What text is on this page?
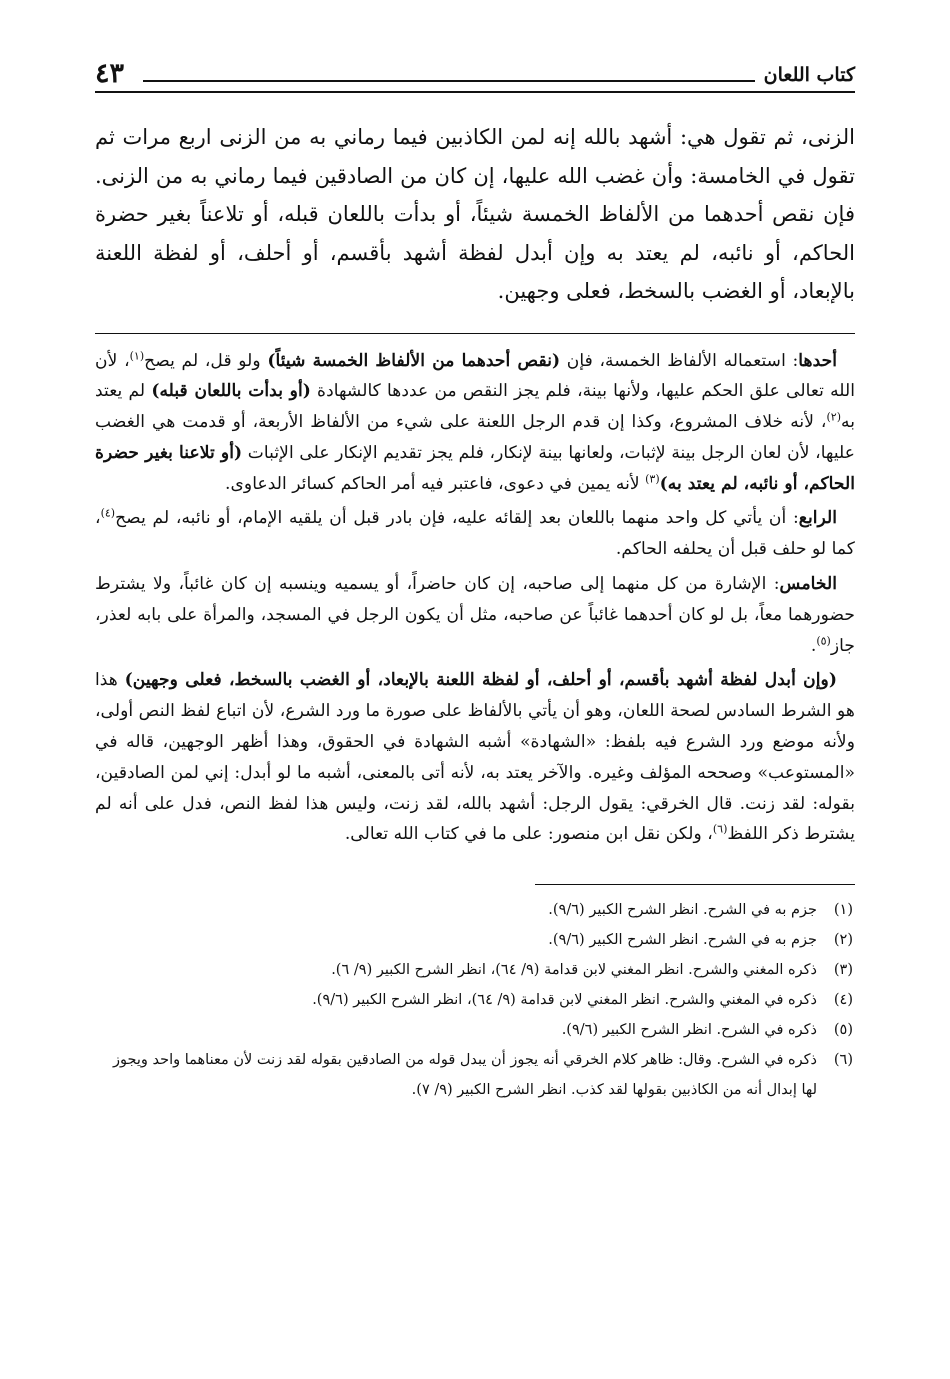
كتاب اللعان
٤٣

الزنى، ثم تقول هي: أشهد بالله إنه لمن الكاذبين فيما رماني به من الزنى اربع مرات ثم تقول في الخامسة: وأن غضب الله عليها، إن كان من الصادقين فيما رماني به من الزنى. فإن نقص أحدهما من الألفاظ الخمسة شيئاً، أو بدأت باللعان قبله، أو تلاعناً بغير حضرة الحاكم، أو نائبه، لم يعتد به وإن أبدل لفظة أشهد بأقسم، أو أحلف، أو لفظة اللعنة بالإبعاد، أو الغضب بالسخط، فعلى وجهين.

أحدها: استعماله الألفاظ الخمسة، فإن (نقص أحدهما من الألفاظ الخمسة شيئاً) ولو قل، لم يصح$^{(١)}$، لأن الله تعالى علق الحكم عليها، ولأنها بينة، فلم يجز النقص من عددها كالشهادة (أو بدأت باللعان قبله) لم يعتد به$^{(٢)}$، لأنه خلاف المشروع، وكذا إن قدم الرجل اللعنة على شيء من الألفاظ الأربعة، أو قدمت هي الغضب عليها، لأن لعان الرجل بينة لإثبات، ولعانها بينة لإنكار، فلم يجز تقديم الإنكار على الإثبات (أو تلاعنا بغير حضرة الحاكم، أو نائبه، لم يعتد به)$^{(٣)}$ لأنه يمين في دعوى، فاعتبر فيه أمر الحاكم كسائر الدعاوى.

الرابع: أن يأتي كل واحد منهما باللعان بعد إلقائه عليه، فإن بادر قبل أن يلقيه الإمام، أو نائبه، لم يصح$^{(٤)}$، كما لو حلف قبل أن يحلفه الحاكم.

الخامس: الإشارة من كل منهما إلى صاحبه، إن كان حاضراً، أو يسميه وينسبه إن كان غائباً، ولا يشترط حضورهما معاً، بل لو كان أحدهما غائباً عن صاحبه، مثل أن يكون الرجل في المسجد، والمرأة على بابه لعذر، جاز$^{(٥)}$.

(وإن أبدل لفظة أشهد بأقسم، أو أحلف، أو لفظة اللعنة بالإبعاد، أو الغضب بالسخط، فعلى وجهين) هذا هو الشرط السادس لصحة اللعان، وهو أن يأتي بالألفاظ على صورة ما ورد الشرع، لأن اتباع لفظ النص أولى، ولأنه موضع ورد الشرع فيه بلفظ: «الشهادة» أشبه الشهادة في الحقوق، وهذا أظهر الوجهين، قاله في «المستوعب» وصححه المؤلف وغيره. والآخر يعتد به، لأنه أتى بالمعنى، أشبه ما لو أبدل: إني لمن الصادقين، بقوله: لقد زنت. قال الخرقي: يقول الرجل: أشهد بالله، لقد زنت، وليس هذا لفظ النص، فدل على أنه لم يشترط ذكر اللفظ$^{(٦)}$، ولكن نقل ابن منصور: على ما في كتاب الله تعالى.

(١)
جزم به في الشرح. انظر الشرح الكبير (٩/٦).
(٢)
جزم به في الشرح. انظر الشرح الكبير (٩/٦).
(٣)
ذكره المغني والشرح. انظر المغني لابن قدامة (٩/ ٦٤)، انظر الشرح الكبير (٩/ ٦).
(٤)
ذكره في المغني والشرح. انظر المغني لابن قدامة (٩/ ٦٤)، انظر الشرح الكبير (٩/٦).
(٥)
ذكره في الشرح. انظر الشرح الكبير (٩/٦).
(٦)
ذكره في الشرح. وقال: ظاهر كلام الخرقي أنه يجوز أن يبدل قوله من الصادقين بقوله لقد زنت لأن معناهما واحد ويجوز لها إبدال أنه من الكاذبين بقولها لقد كذب. انظر الشرح الكبير (٩/ ٧).
